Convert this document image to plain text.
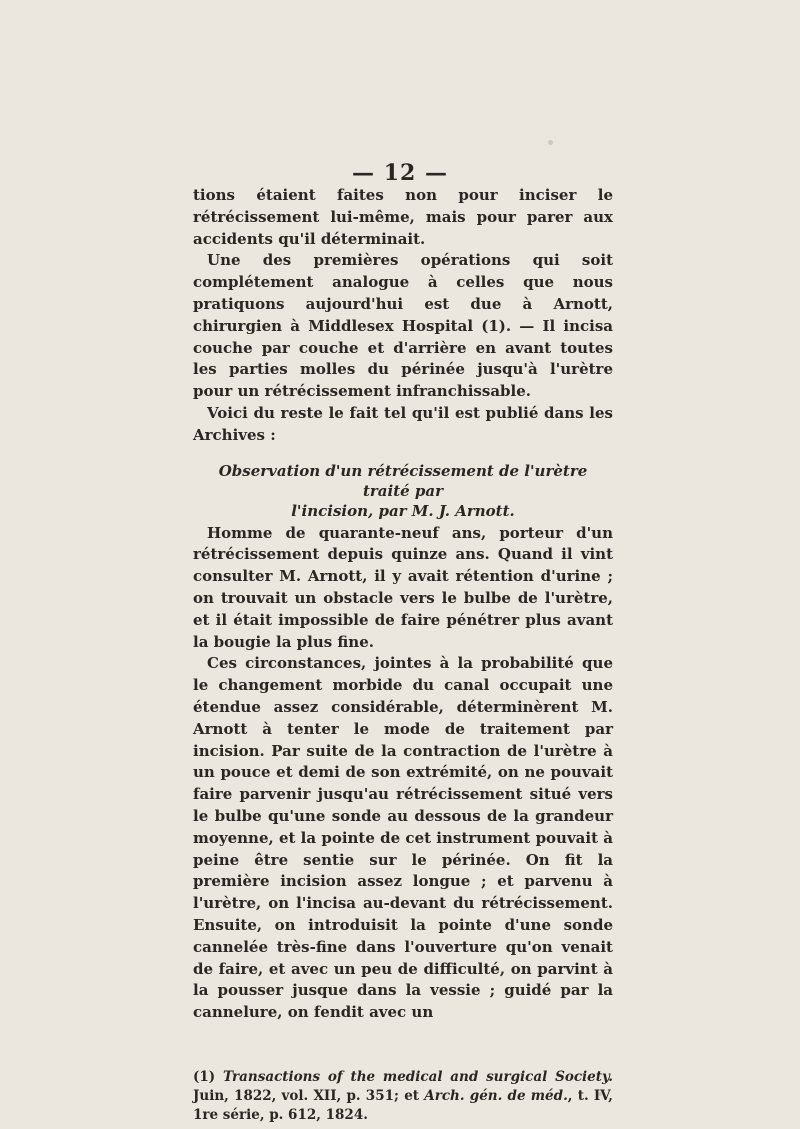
— 12 —

tions étaient faites non pour inciser le rétrécissement lui-même, mais pour parer aux accidents qu'il déterminait.

Une des premières opérations qui soit complétement analogue à celles que nous pratiquons aujourd'hui est due à Arnott, chirurgien à Middlesex Hospital (1). — Il incisa couche par couche et d'arrière en avant toutes les parties molles du périnée jusqu'à l'urètre pour un rétrécissement infranchissable.

Voici du reste le fait tel qu'il est publié dans les Archives :

Observation d'un rétrécissement de l'urètre traité par
l'incision, par M. J. Arnott.

Homme de quarante-neuf ans, porteur d'un rétrécissement depuis quinze ans. Quand il vint consulter M. Arnott, il y avait rétention d'urine ; on trouvait un obstacle vers le bulbe de l'urètre, et il était impossible de faire pénétrer plus avant la bougie la plus fine.

Ces circonstances, jointes à la probabilité que le changement morbide du canal occupait une étendue assez considérable, déterminèrent M. Arnott à tenter le mode de traitement par incision. Par suite de la contraction de l'urètre à un pouce et demi de son extrémité, on ne pouvait faire parvenir jusqu'au rétrécissement situé vers le bulbe qu'une sonde au dessous de la grandeur moyenne, et la pointe de cet instrument pouvait à peine être sentie sur le périnée. On fit la première incision assez longue ; et parvenu à l'urètre, on l'incisa au-devant du rétrécissement. Ensuite, on introduisit la pointe d'une sonde cannelée très-fine dans l'ouverture qu'on venait de faire, et avec un peu de difficulté, on parvint à la pousser jusque dans la vessie ; guidé par la cannelure, on fendit avec un

(1) Transactions of the medical and surgical Society. Juin, 1822, vol. XII, p. 351; et Arch. gén. de méd., t. IV, 1re série, p. 612, 1824.
